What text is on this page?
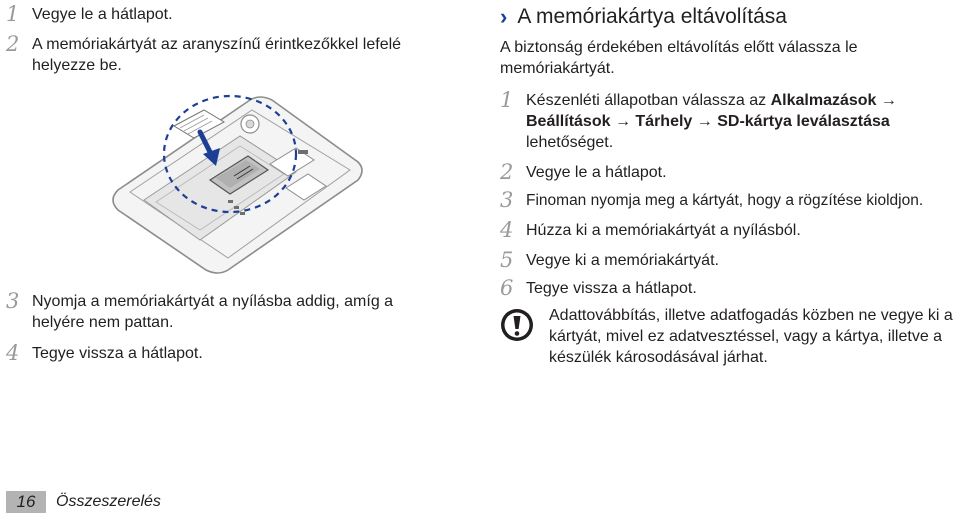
1 Vegye le a hátlapot.
2 A memóriakártyát az aranyszínű érintkezőkkel lefelé helyezze be.
3 Nyomja a memóriakártyát a nyílásba addig, amíg a helyére nem pattan.
4 Tegye vissza a hátlapot.
› A memóriakártya eltávolítása
A biztonság érdekében eltávolítás előtt válassza le memóriakártyát.
1 Készenléti állapotban válassza az Alkalmazások → Beállítások → Tárhely → SD-kártya leválasztása lehetőséget.
2 Vegye le a hátlapot.
3 Finoman nyomja meg a kártyát, hogy a rögzítése kioldjon.
4 Húzza ki a memóriakártyát a nyílásból.
5 Vegye ki a memóriakártyát.
6 Tegye vissza a hátlapot.
Adattovábbítás, illetve adatfogadás közben ne vegye ki a kártyát, mivel ez adatvesztéssel, vagy a kártya, illetve a készülék károsodásával járhat.
16	Összeszerelés
